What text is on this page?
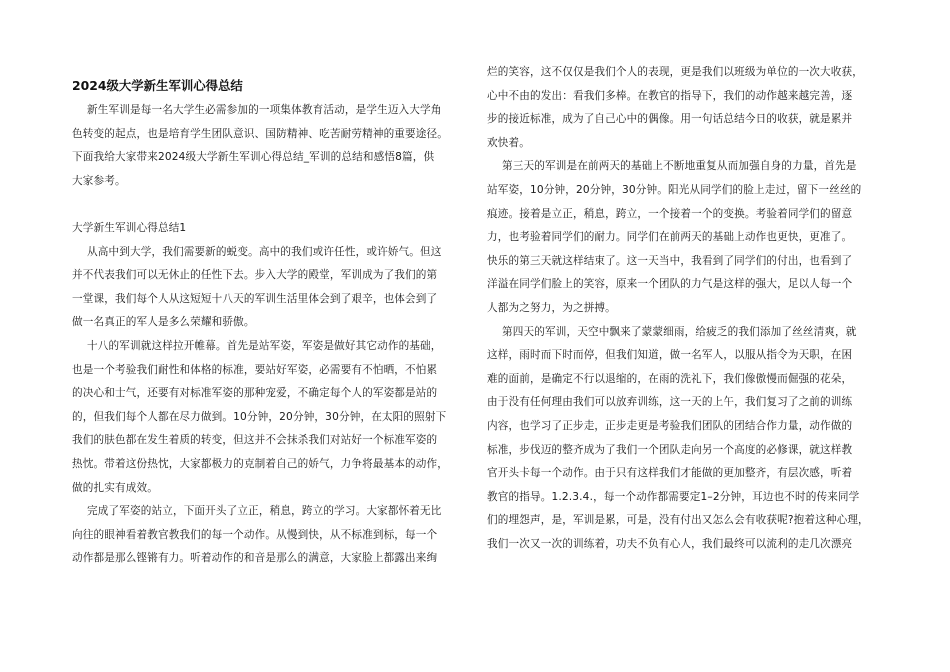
2024级大学新生军训心得总结
新生军训是每一名大学生必需参加的一项集体教育活动，是学生迈入大学角
色转变的起点，也是培育学生团队意识、国防精神、吃苦耐劳精神的重要途径。
下面我给大家带来2024级大学新生军训心得总结_军训的总结和感悟8篇，供
大家参考。
大学新生军训心得总结1
从高中到大学，我们需要新的蜕变。高中的我们或许任性，或许娇气。但这
并不代表我们可以无休止的任性下去。步入大学的殿堂，军训成为了我们的第
一堂课，我们每个人从这短短十八天的军训生活里体会到了艰辛，也体会到了
做一名真正的军人是多么荣耀和骄傲。
十八的军训就这样拉开帷幕。首先是站军姿，军姿是做好其它动作的基础，
也是一个考验我们耐性和体格的标准，要站好军姿，必需要有不怕晒，不怕累
的决心和士气，还要有对标准军姿的那种宠爱，不确定每个人的军姿都是站的
的，但我们每个人都在尽力做到。10分钟，20分钟，30分钟，在太阳的照射下
我们的肤色都在发生着质的转变，但这并不会抹杀我们对站好一个标准军姿的
热忱。带着这份热忱，大家都极力的克制着自己的娇气，力争将最基本的动作，
做的扎实有成效。
完成了军姿的站立，下面开头了立正，稍息，跨立的学习。大家都怀着无比
向往的眼神看着教官教我们的每一个动作。从慢到快，从不标准到标，每一个
动作都是那么铿锵有力。听着动作的和音是那么的满意，大家脸上都露出来绚
烂的笑容，这不仅仅是我们个人的表现，更是我们以班级为单位的一次大收获，
心中不由的发出：看我们多棒。在教官的指导下，我们的动作越来越完善，逐
步的接近标准，成为了自己心中的偶像。用一句话总结今日的收获，就是累并
欢快着。
第三天的军训是在前两天的基础上不断地重复从而加强自身的力量，首先是
站军姿，10分钟，20分钟，30分钟。阳光从同学们的脸上走过，留下一丝丝的
痕迹。接着是立正，稍息，跨立，一个接着一个的变换。考验着同学们的留意
力，也考验着同学们的耐力。同学们在前两天的基础上动作也更快，更准了。
快乐的第三天就这样结束了。这一天当中，我看到了同学们的付出，也看到了
洋溢在同学们脸上的笑容，原来一个团队的力气是这样的强大，足以人每一个
人都为之努力，为之拼搏。
第四天的军训，天空中飘来了蒙蒙细雨，给疲乏的我们添加了丝丝清爽，就
这样，雨时而下时而停，但我们知道，做一名军人，以服从指令为天职，在困
难的面前，是确定不行以退缩的，在雨的洗礼下，我们像傲慢而倔强的花朵，
由于没有任何理由我们可以放弃训练，这一天的上午，我们复习了之前的训练
内容，也学习了正步走，正步走更是考验我们团队的团结合作力量，动作做的
标准，步伐迈的整齐成为了我们一个团队走向另一个高度的必修课，就这样教
官开头卡每一个动作。由于只有这样我们才能做的更加整齐，有层次感，听着
教官的指导。1.2.3.4.，每一个动作都需要定1–2分钟，耳边也不时的传来同学
们的埋怨声，是，军训是累，可是，没有付出又怎么会有收获呢?抱着这种心理，
我们一次又一次的训练着，功夫不负有心人，我们最终可以流利的走几次漂亮
